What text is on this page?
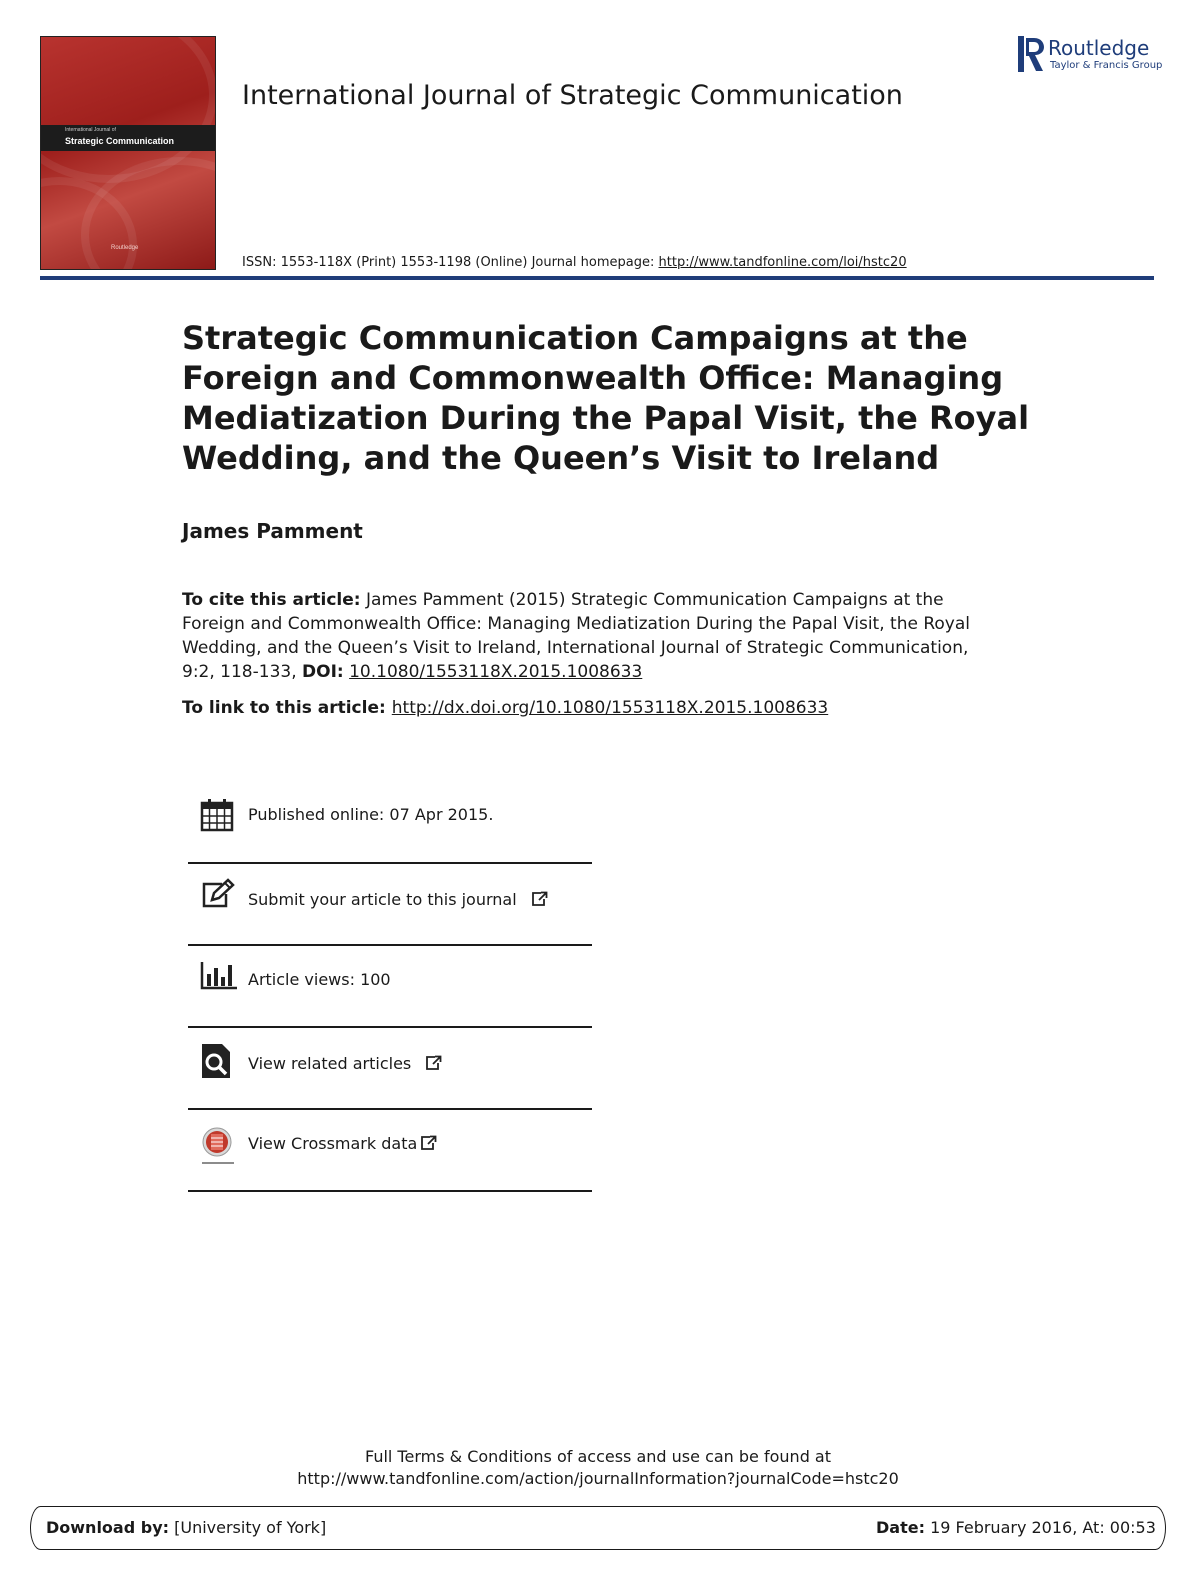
International Journal of
Strategic Communication
Routledge
International Journal of Strategic Communication
Routledge
Taylor & Francis Group
ISSN: 1553-118X (Print) 1553-1198 (Online) Journal homepage: http://www.tandfonline.com/loi/hstc20
Strategic Communication Campaigns at the
Foreign and Commonwealth Office: Managing
Mediatization During the Papal Visit, the Royal
Wedding, and the Queen’s Visit to Ireland
James Pamment
To cite this article: James Pamment (2015) Strategic Communication Campaigns at the
Foreign and Commonwealth Office: Managing Mediatization During the Papal Visit, the Royal
Wedding, and the Queen’s Visit to Ireland, International Journal of Strategic Communication,
9:2, 118-133, DOI: 10.1080/1553118X.2015.1008633
To link to this article: http://dx.doi.org/10.1080/1553118X.2015.1008633
Published online: 07 Apr 2015.
Submit your article to this journal
Article views: 100
View related articles
View Crossmark data
Full Terms & Conditions of access and use can be found at
http://www.tandfonline.com/action/journalInformation?journalCode=hstc20
Download by: [University of York]	Date: 19 February 2016, At: 00:53
